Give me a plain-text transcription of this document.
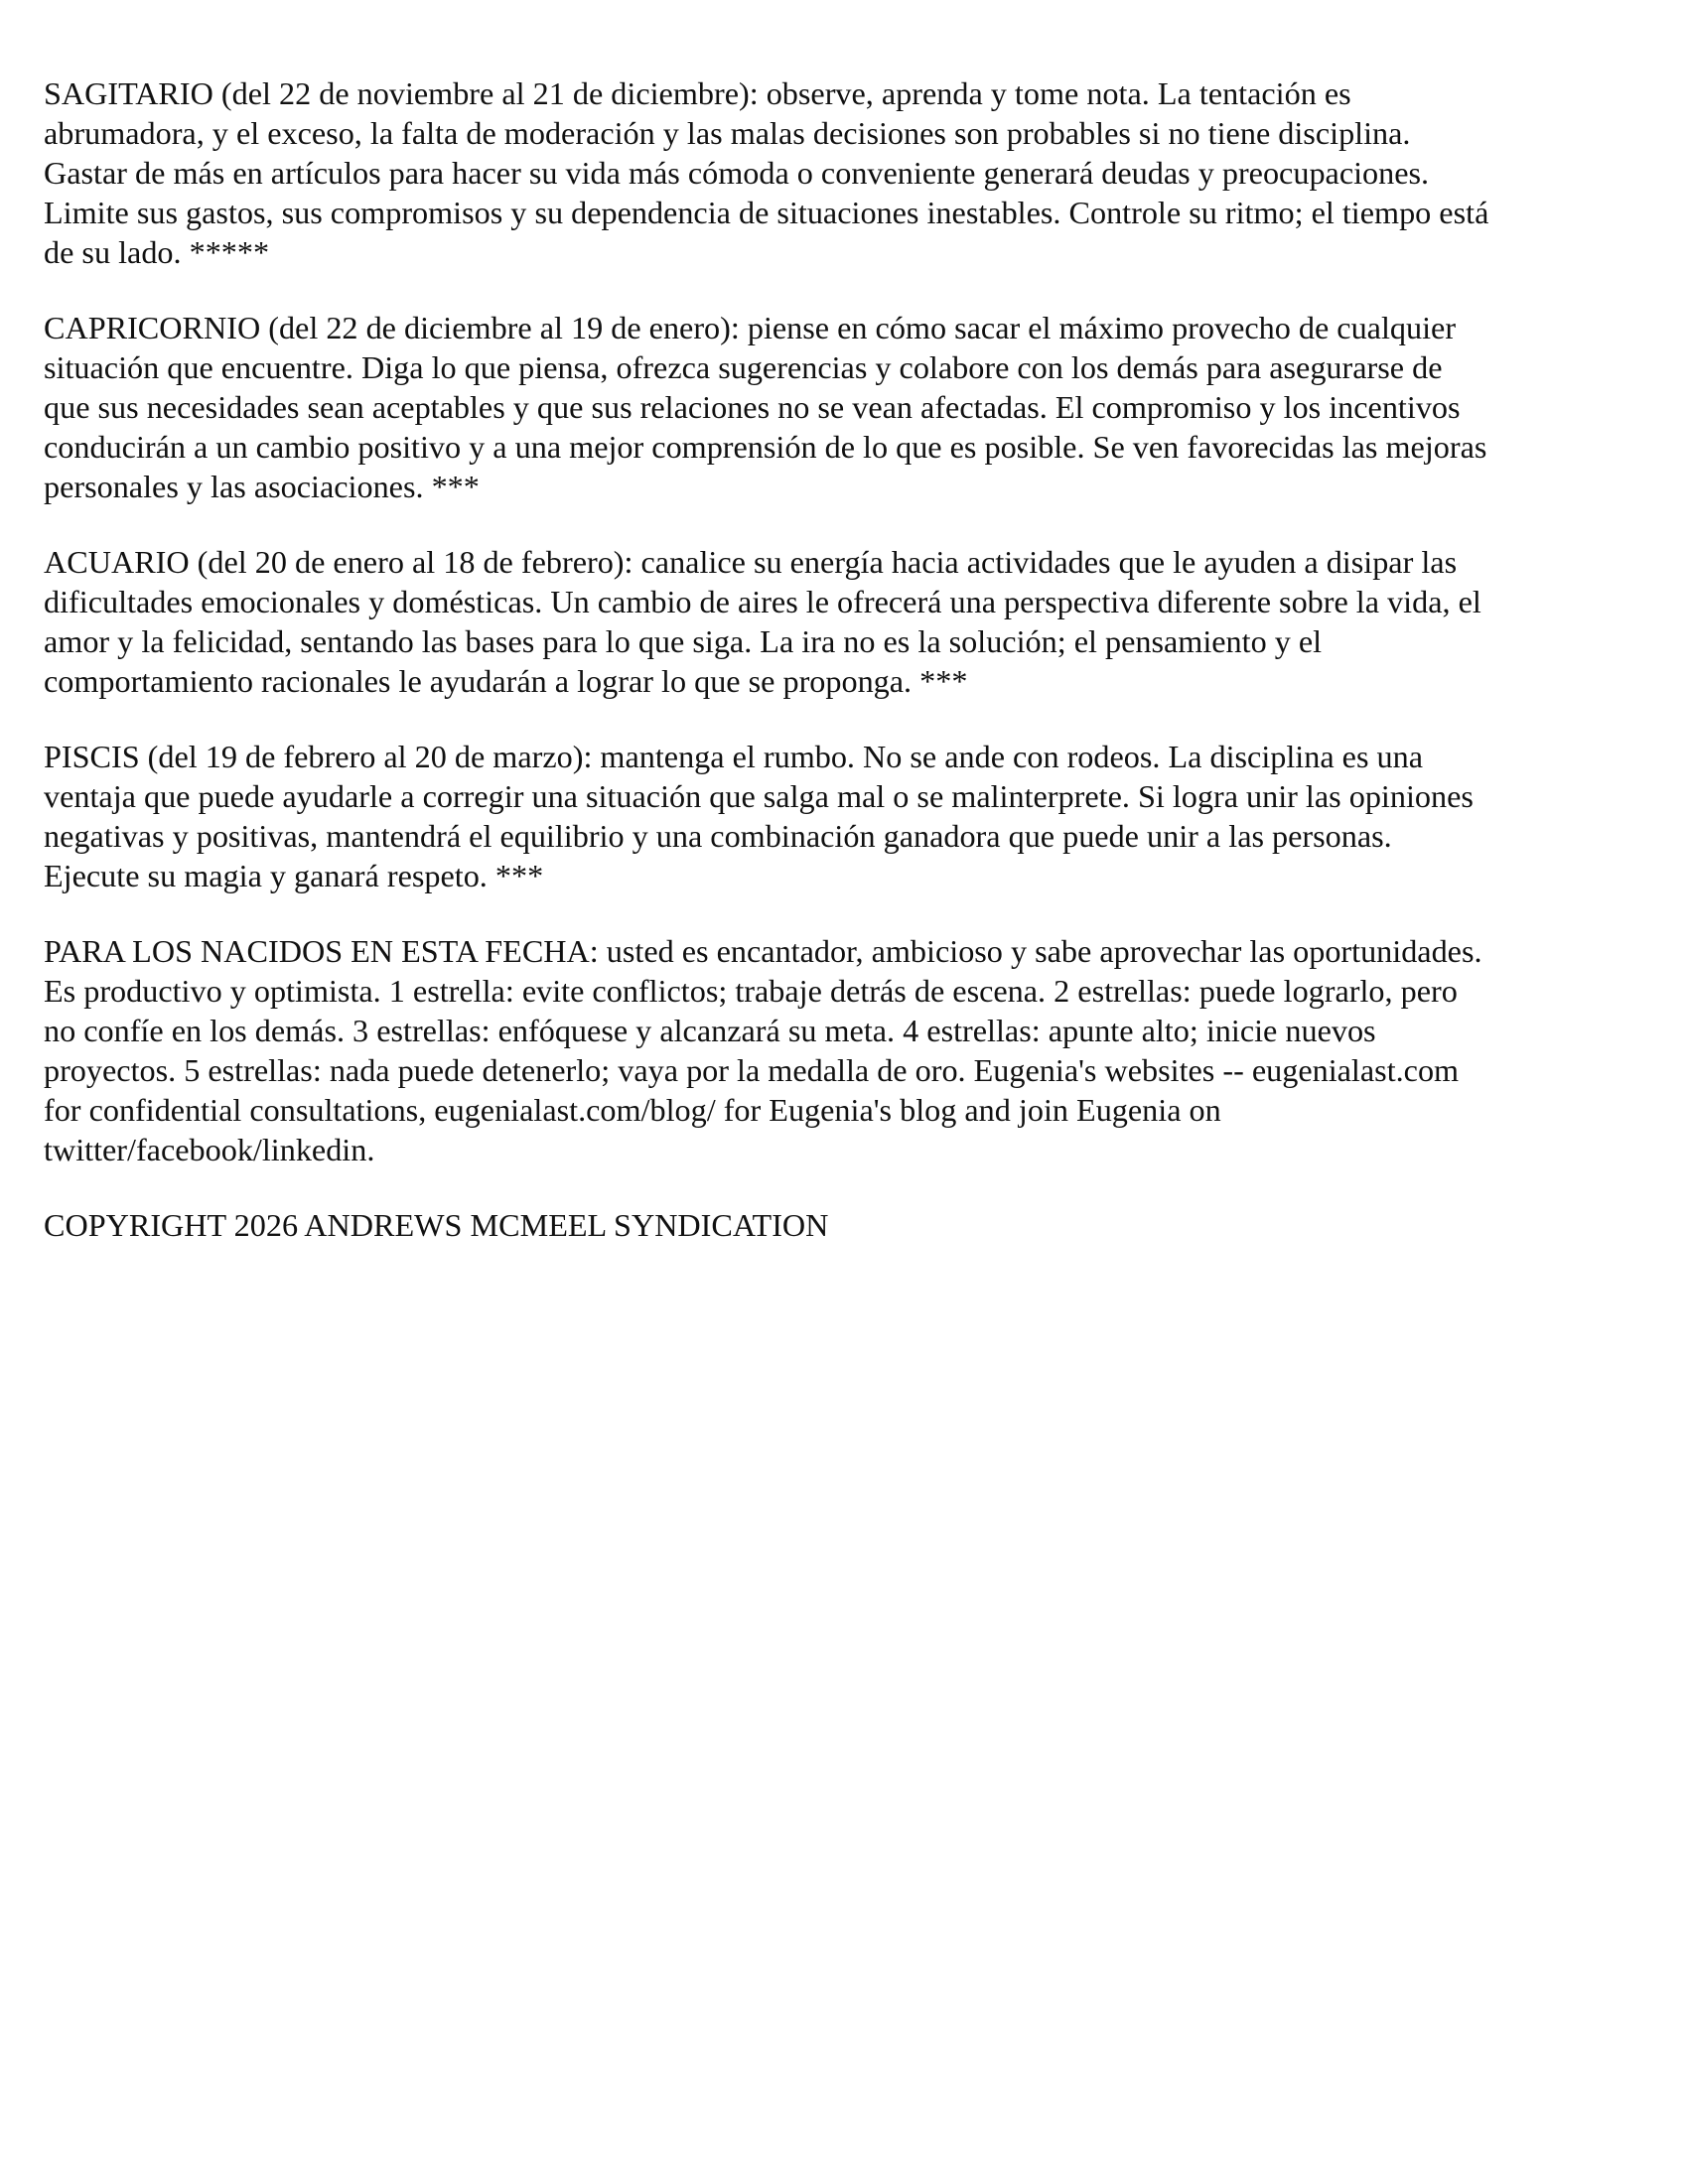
SAGITARIO (del 22 de noviembre al 21 de diciembre): observe, aprenda y tome nota. La tentación es
abrumadora, y el exceso, la falta de moderación y las malas decisiones son probables si no tiene disciplina.
Gastar de más en artículos para hacer su vida más cómoda o conveniente generará deudas y preocupaciones.
Limite sus gastos, sus compromisos y su dependencia de situaciones inestables. Controle su ritmo; el tiempo está
de su lado. *****

CAPRICORNIO (del 22 de diciembre al 19 de enero): piense en cómo sacar el máximo provecho de cualquier
situación que encuentre. Diga lo que piensa, ofrezca sugerencias y colabore con los demás para asegurarse de
que sus necesidades sean aceptables y que sus relaciones no se vean afectadas. El compromiso y los incentivos
conducirán a un cambio positivo y a una mejor comprensión de lo que es posible. Se ven favorecidas las mejoras
personales y las asociaciones. ***

ACUARIO (del 20 de enero al 18 de febrero): canalice su energía hacia actividades que le ayuden a disipar las
dificultades emocionales y domésticas. Un cambio de aires le ofrecerá una perspectiva diferente sobre la vida, el
amor y la felicidad, sentando las bases para lo que siga. La ira no es la solución; el pensamiento y el
comportamiento racionales le ayudarán a lograr lo que se proponga. ***

PISCIS (del 19 de febrero al 20 de marzo): mantenga el rumbo. No se ande con rodeos. La disciplina es una
ventaja que puede ayudarle a corregir una situación que salga mal o se malinterprete. Si logra unir las opiniones
negativas y positivas, mantendrá el equilibrio y una combinación ganadora que puede unir a las personas.
Ejecute su magia y ganará respeto. ***

PARA LOS NACIDOS EN ESTA FECHA: usted es encantador, ambicioso y sabe aprovechar las oportunidades.
Es productivo y optimista. 1 estrella: evite conflictos; trabaje detrás de escena. 2 estrellas: puede lograrlo, pero
no confíe en los demás. 3 estrellas: enfóquese y alcanzará su meta. 4 estrellas: apunte alto; inicie nuevos
proyectos. 5 estrellas: nada puede detenerlo; vaya por la medalla de oro. Eugenia's websites -- eugenialast.com
for confidential consultations, eugenialast.com/blog/ for Eugenia's blog and join Eugenia on
twitter/facebook/linkedin.

COPYRIGHT 2026 ANDREWS MCMEEL SYNDICATION
